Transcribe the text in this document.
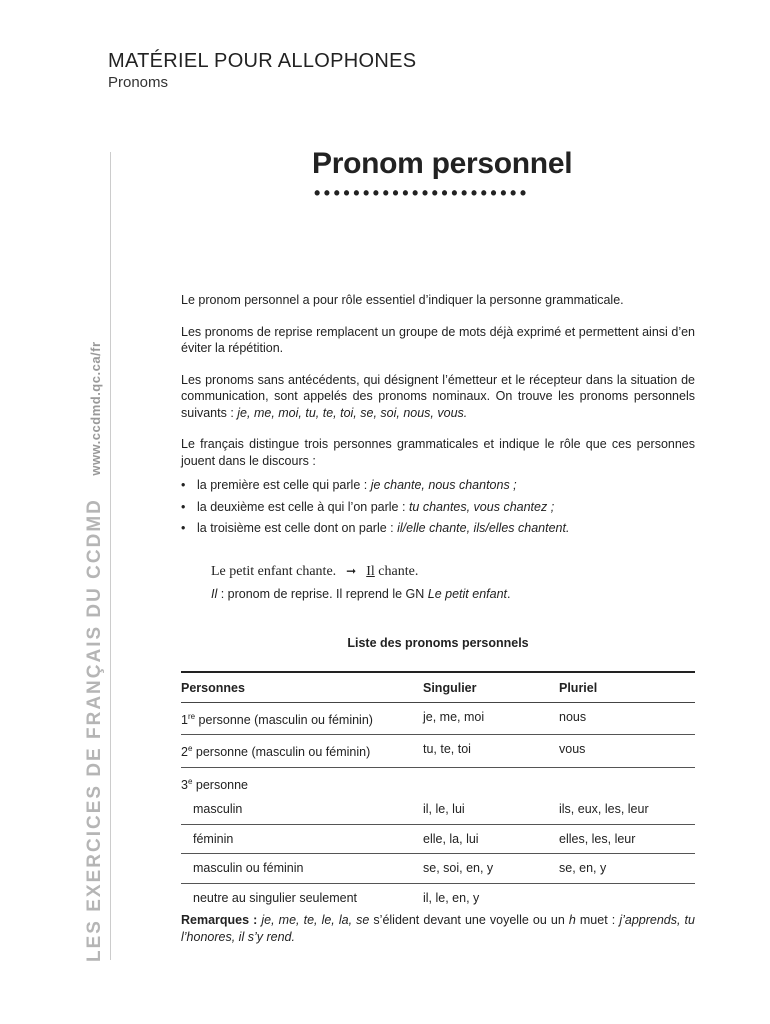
MATÉRIEL POUR ALLOPHONES
Pronoms
LES EXERCICES DE FRANÇAIS DU CCDMD www.ccdmd.qc.ca/fr
Pronom personnel
••••••••••••••••••••••

Le pronom personnel a pour rôle essentiel d’indiquer la personne grammaticale.

Les pronoms de reprise remplacent un groupe de mots déjà exprimé et permettent ainsi d’en éviter la répétition.

Les pronoms sans antécédents, qui désignent l’émetteur et le récepteur dans la situation de communication, sont appelés des pronoms nominaux. On trouve les pronoms personnels suivants : je, me, moi, tu, te, toi, se, soi, nous, vous.

Le français distingue trois personnes grammaticales et indique le rôle que ces personnes jouent dans le discours :

• la première est celle qui parle : je chante, nous chantons ;
• la deuxième est celle à qui l’on parle : tu chantes, vous chantez ;
• la troisième est celle dont on parle : il/elle chante, ils/elles chantent.
Le petit enfant chante. ➞ Il chante.
Il : pronom de reprise. Il reprend le GN Le petit enfant.
Liste des pronoms personnels
Personnes	Singulier	Pluriel
1re personne (masculin ou féminin)	je, me, moi	nous
2e personne (masculin ou féminin)	tu, te, toi	vous
3e personne		
masculin	il, le, lui	ils, eux, les, leur
féminin	elle, la, lui	elles, les, leur
masculin ou féminin	se, soi, en, y	se, en, y
neutre au singulier seulement	il, le, en, y	

Remarques : je, me, te, le, la, se s’élident devant une voyelle ou un h muet : j’apprends, tu l’honores, il s’y rend.
